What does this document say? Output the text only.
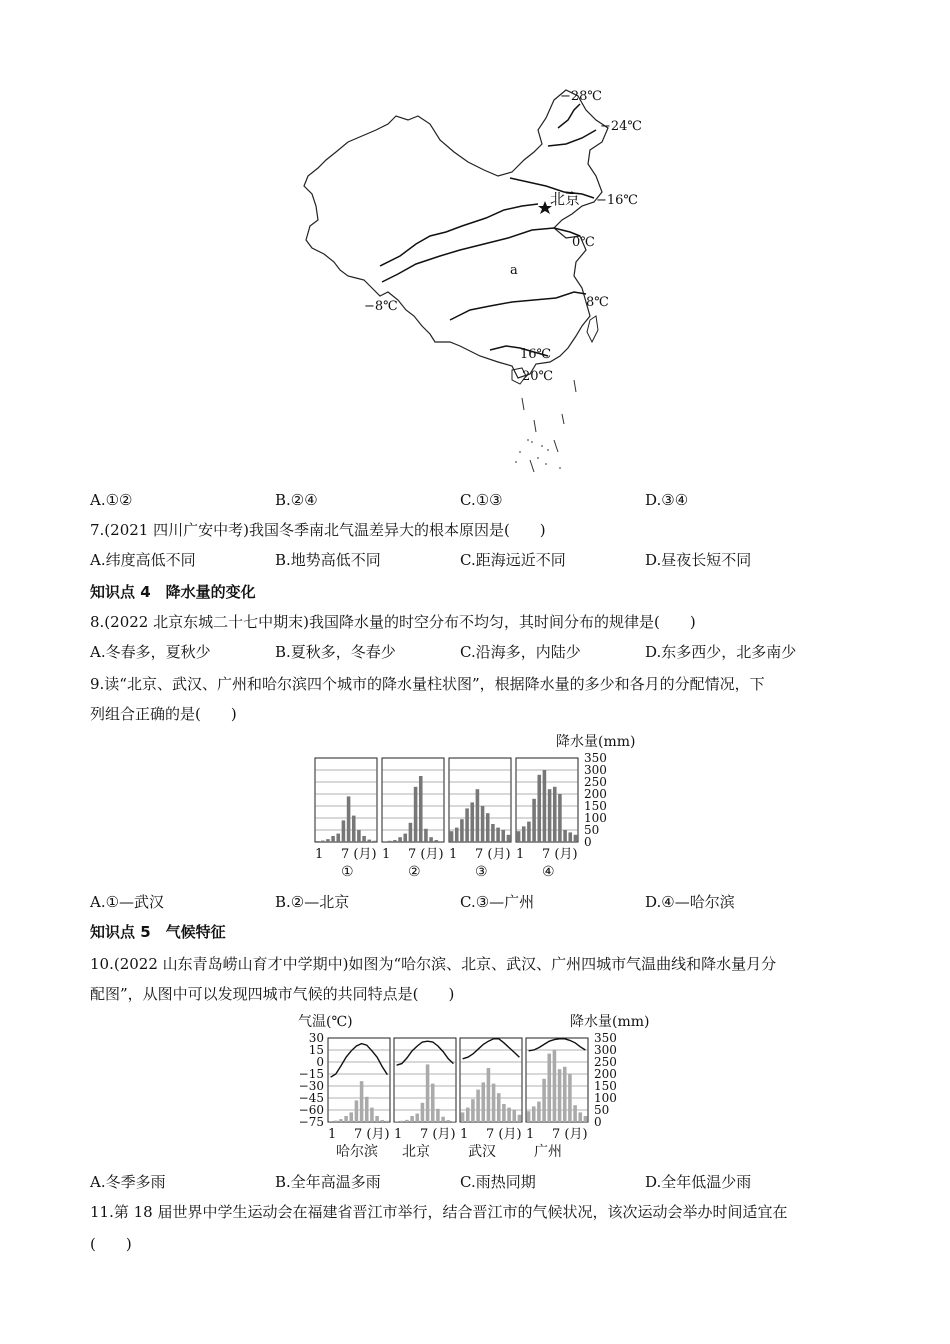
−28℃
−24℃
北京 −16℃
0℃
a
−8℃	8℃
16℃
20℃
A.①②	B.②④	C.①③	D.③④
7.(2021 四川广安中考)我国冬季南北气温差异大的根本原因是(　　)
A.纬度高低不同	B.地势高低不同	C.距海远近不同	D.昼夜长短不同
知识点 4　降水量的变化
8.(2022 北京东城二十七中期末)我国降水量的时空分布不均匀，其时间分布的规律是(　　)
A.冬春多，夏秋少	B.夏秋多，冬春少	C.沿海多，内陆少	D.东多西少，北多南少
9.读“北京、武汉、广州和哈尔滨四个城市的降水量柱状图”，根据降水量的多少和各月的分配情况，下
列组合正确的是(　　)
降水量(mm)
1 7 (月)
①
1 7 (月)
②
1 7 (月)
③
1 7 (月)
④
350
300
250
200
150
100
50
0
A.①—武汉	B.②—北京	C.③—广州	D.④—哈尔滨
知识点 5　气候特征
10.(2022 山东青岛崂山育才中学期中)如图为“哈尔滨、北京、武汉、广州四城市气温曲线和降水量月分
配图”，从图中可以发现四城市气候的共同特点是(　　)
气温(℃)	降水量(mm)
1 7 (月)
哈尔滨
1 7 (月)
北京
1 7 (月)
武汉
1 7 (月)
广州
30
15
0
−15
−30
−45
−60
−75
350
300
250
200
150
100
50
0
A.冬季多雨	B.全年高温多雨	C.雨热同期	D.全年低温少雨
11.第 18 届世界中学生运动会在福建省晋江市举行，结合晋江市的气候状况，该次运动会举办时间适宜在
(　　)
